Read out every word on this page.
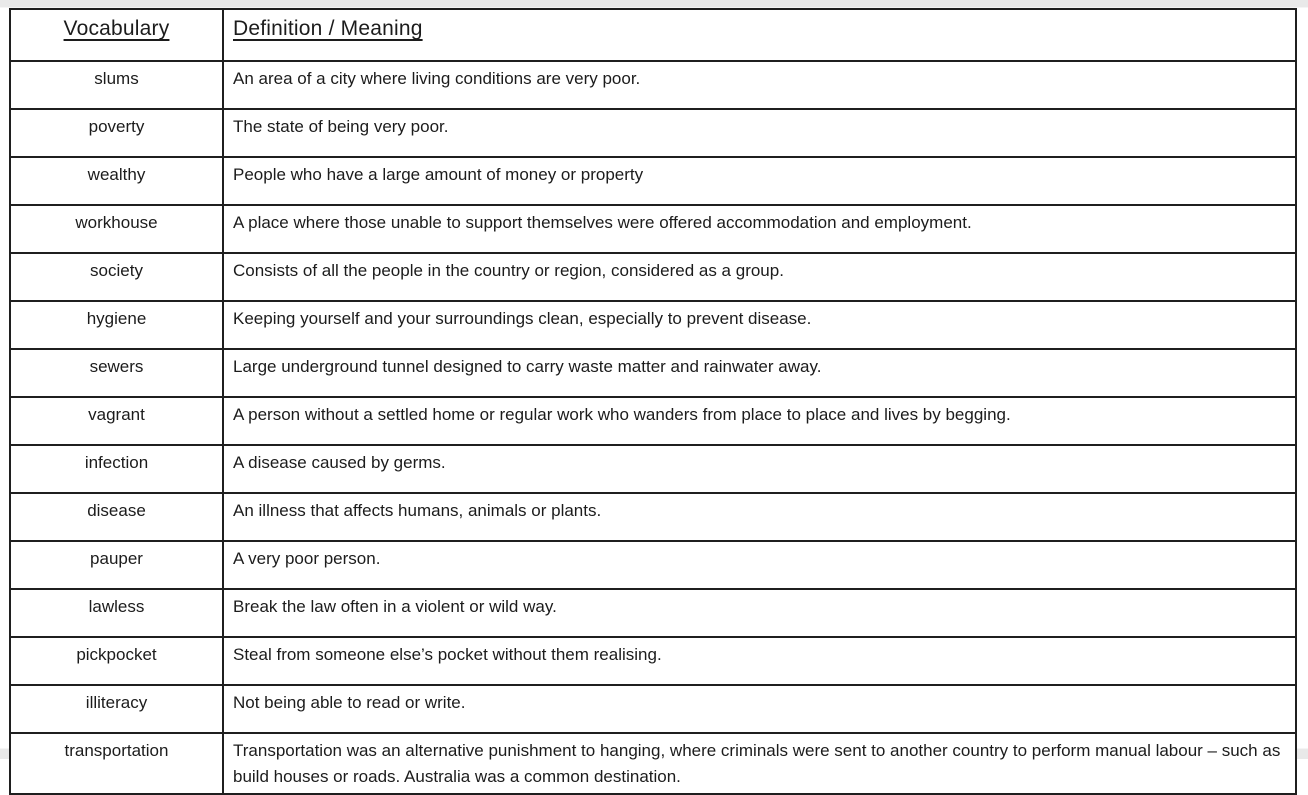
Vocabulary	Definition / Meaning
slums	An area of a city where living conditions are very poor.
poverty	The state of being very poor.
wealthy	People who have a large amount of money or property
workhouse	A place where those unable to support themselves were offered accommodation and employment.
society	Consists of all the people in the country or region, considered as a group.
hygiene	Keeping yourself and your surroundings clean, especially to prevent disease.
sewers	Large underground tunnel designed to carry waste matter and rainwater away.
vagrant	A person without a settled home or regular work who wanders from place to place and lives by begging.
infection	A disease caused by germs.
disease	An illness that affects humans, animals or plants.
pauper	A very poor person.
lawless	Break the law often in a violent or wild way.
pickpocket	Steal from someone else’s pocket without them realising.
illiteracy	Not being able to read or write.
transportation	Transportation was an alternative punishment to hanging, where criminals were sent to another country to perform manual labour – such as build houses or roads. Australia was a common destination.
